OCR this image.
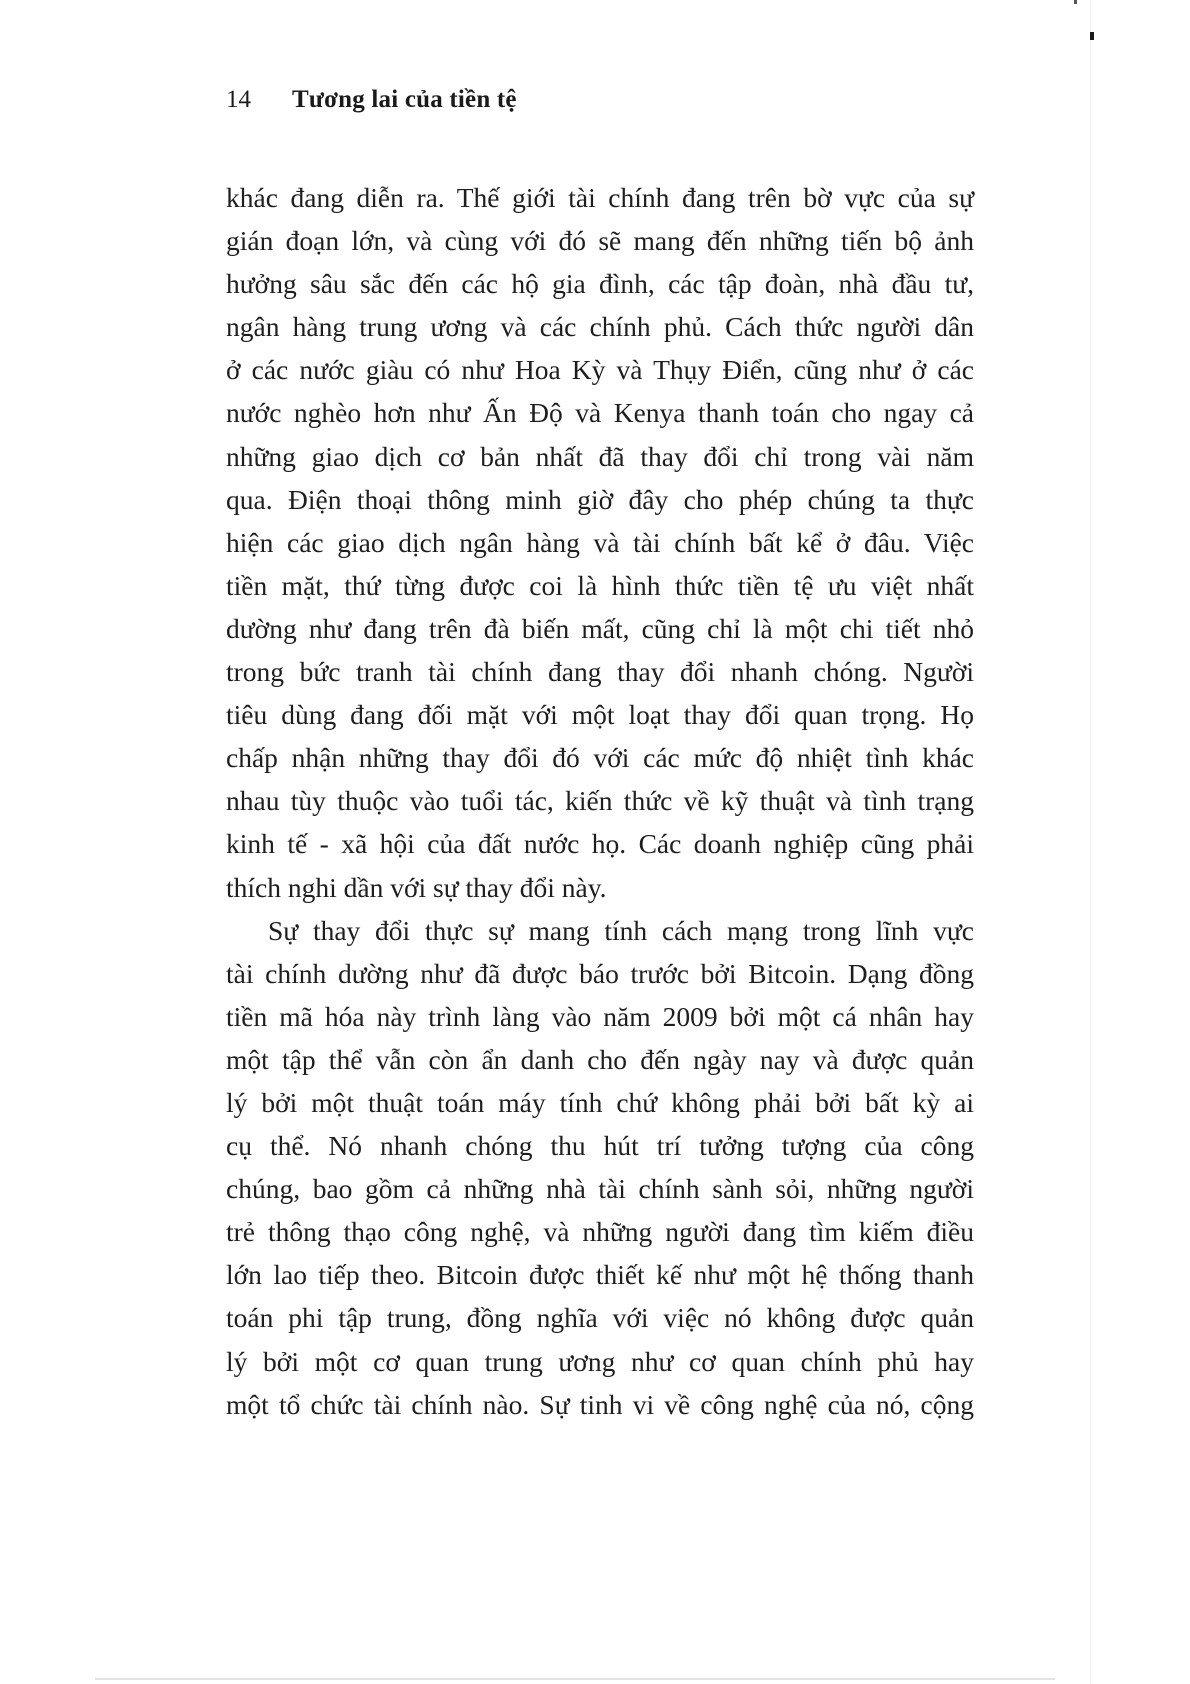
14	Tương lai của tiền tệ

khác đang diễn ra. Thế giới tài chính đang trên bờ vực của sự
gián đoạn lớn, và cùng với đó sẽ mang đến những tiến bộ ảnh
hưởng sâu sắc đến các hộ gia đình, các tập đoàn, nhà đầu tư,
ngân hàng trung ương và các chính phủ. Cách thức người dân
ở các nước giàu có như Hoa Kỳ và Thụy Điển, cũng như ở các
nước nghèo hơn như Ấn Độ và Kenya thanh toán cho ngay cả
những giao dịch cơ bản nhất đã thay đổi chỉ trong vài năm
qua. Điện thoại thông minh giờ đây cho phép chúng ta thực
hiện các giao dịch ngân hàng và tài chính bất kể ở đâu. Việc
tiền mặt, thứ từng được coi là hình thức tiền tệ ưu việt nhất
dường như đang trên đà biến mất, cũng chỉ là một chi tiết nhỏ
trong bức tranh tài chính đang thay đổi nhanh chóng. Người
tiêu dùng đang đối mặt với một loạt thay đổi quan trọng. Họ
chấp nhận những thay đổi đó với các mức độ nhiệt tình khác
nhau tùy thuộc vào tuổi tác, kiến thức về kỹ thuật và tình trạng
kinh tế - xã hội của đất nước họ. Các doanh nghiệp cũng phải
thích nghi dần với sự thay đổi này.

Sự thay đổi thực sự mang tính cách mạng trong lĩnh vực
tài chính dường như đã được báo trước bởi Bitcoin. Dạng đồng
tiền mã hóa này trình làng vào năm 2009 bởi một cá nhân hay
một tập thể vẫn còn ẩn danh cho đến ngày nay và được quản
lý bởi một thuật toán máy tính chứ không phải bởi bất kỳ ai
cụ thể. Nó nhanh chóng thu hút trí tưởng tượng của công
chúng, bao gồm cả những nhà tài chính sành sỏi, những người
trẻ thông thạo công nghệ, và những người đang tìm kiếm điều
lớn lao tiếp theo. Bitcoin được thiết kế như một hệ thống thanh
toán phi tập trung, đồng nghĩa với việc nó không được quản
lý bởi một cơ quan trung ương như cơ quan chính phủ hay
một tổ chức tài chính nào. Sự tinh vi về công nghệ của nó, cộng
